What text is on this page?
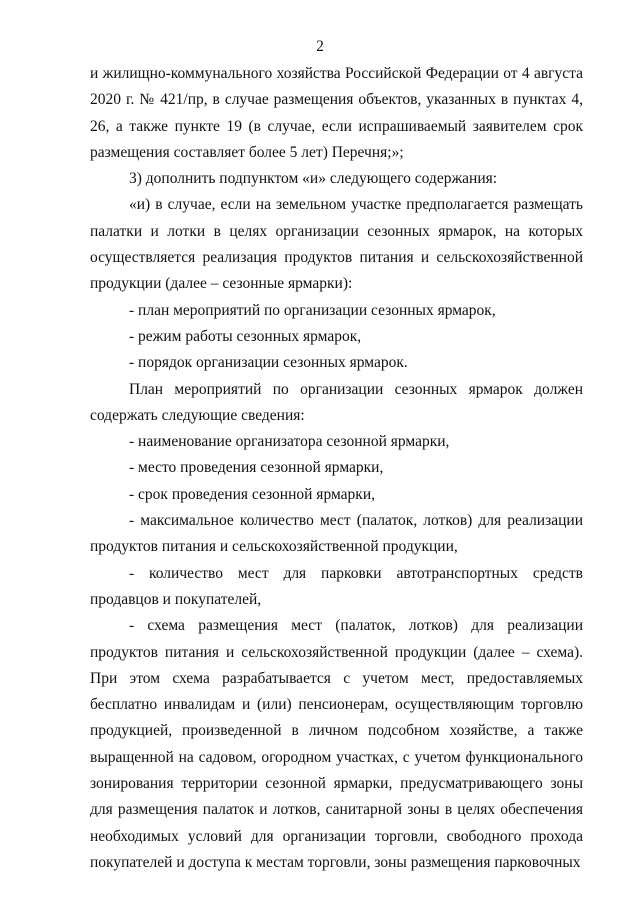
2

и жилищно-коммунального хозяйства Российской Федерации от 4 августа 2020 г. № 421/пр, в случае размещения объектов, указанных в пунктах 4, 26, а также пункте 19 (в случае, если испрашиваемый заявителем срок размещения составляет более 5 лет) Перечня;»;

3) дополнить подпунктом «и» следующего содержания:

«и) в случае, если на земельном участке предполагается размещать палатки и лотки в целях организации сезонных ярмарок, на которых осуществляется реализация продуктов питания и сельскохозяйственной продукции (далее – сезонные ярмарки):

- план мероприятий по организации сезонных ярмарок,

- режим работы сезонных ярмарок,

- порядок организации сезонных ярмарок.

План мероприятий по организации сезонных ярмарок должен содержать следующие сведения:

- наименование организатора сезонной ярмарки,

- место проведения сезонной ярмарки,

- срок проведения сезонной ярмарки,

- максимальное количество мест (палаток, лотков) для реализации продуктов питания и сельскохозяйственной продукции,

- количество мест для парковки автотранспортных средств продавцов и покупателей,

- схема размещения мест (палаток, лотков) для реализации продуктов питания и сельскохозяйственной продукции (далее – схема). При этом схема разрабатывается с учетом мест, предоставляемых бесплатно инвалидам и (или) пенсионерам, осуществляющим торговлю продукцией, произведенной в личном подсобном хозяйстве, а также выращенной на садовом, огородном участках, с учетом функционального зонирования территории сезонной ярмарки, предусматривающего зоны для размещения палаток и лотков, санитарной зоны в целях обеспечения необходимых условий для организации торговли, свободного прохода покупателей и доступа к местам торговли, зоны размещения парковочных
